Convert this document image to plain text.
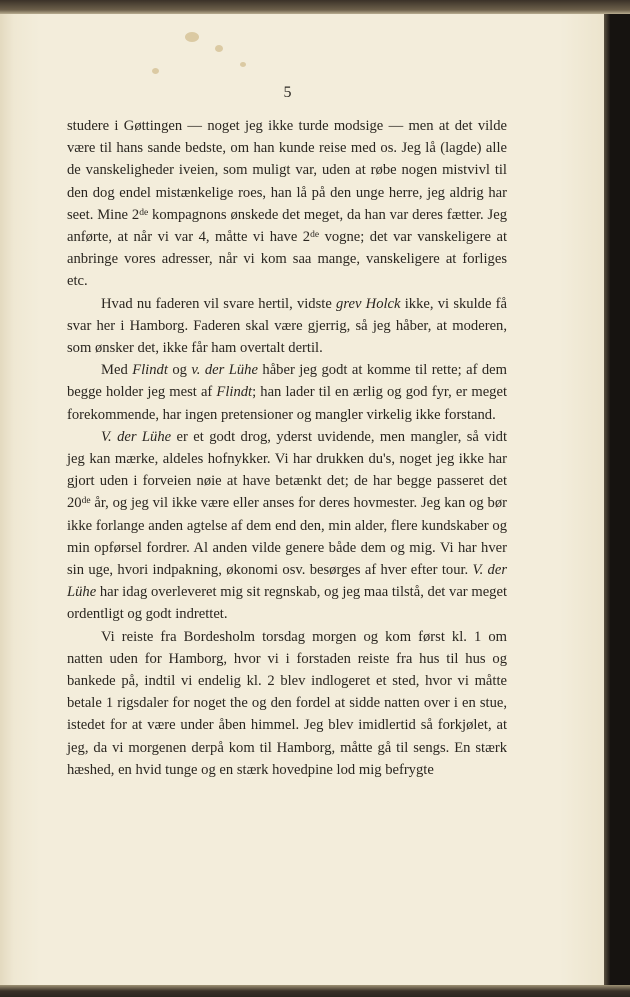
5

studere i Gøttingen — noget jeg ikke turde modsige — men at det vilde være til hans sande bedste, om han kunde reise med os. Jeg lå (lagde) alle de vanskeligheder iveien, som muligt var, uden at røbe nogen mistvivl til den dog endel mistænkelige roes, han lå på den unge herre, jeg aldrig har seet. Mine 2de kompagnons ønskede det meget, da han var deres fætter. Jeg anførte, at når vi var 4, måtte vi have 2de vogne; det var vanskeligere at anbringe vores adresser, når vi kom saa mange, vanskeligere at forliges etc.

Hvad nu faderen vil svare hertil, vidste grev Holck ikke, vi skulde få svar her i Hamborg. Faderen skal være gjerrig, så jeg håber, at moderen, som ønsker det, ikke får ham overtalt dertil.

Med Flindt og v. der Lühe håber jeg godt at komme til rette; af dem begge holder jeg mest af Flindt; han lader til en ærlig og god fyr, er meget forekommende, har ingen pretensioner og mangler virkelig ikke forstand.

V. der Lühe er et godt drog, yderst uvidende, men mangler, så vidt jeg kan mærke, aldeles hofnykker. Vi har drukken du's, noget jeg ikke har gjort uden i forveien nøie at have betænkt det; de har begge passeret det 20de år, og jeg vil ikke være eller anses for deres hovmester. Jeg kan og bør ikke forlange anden agtelse af dem end den, min alder, flere kundskaber og min opførsel fordrer. Al anden vilde genere både dem og mig. Vi har hver sin uge, hvori indpakning, økonomi osv. besørges af hver efter tour. V. der Lühe har idag overleveret mig sit regnskab, og jeg maa tilstå, det var meget ordentligt og godt indrettet.

Vi reiste fra Bordesholm torsdag morgen og kom først kl. 1 om natten uden for Hamborg, hvor vi i forstaden reiste fra hus til hus og bankede på, indtil vi endelig kl. 2 blev indlogeret et sted, hvor vi måtte betale 1 rigsdaler for noget the og den fordel at sidde natten over i en stue, istedet for at være under åben himmel. Jeg blev imidlertid så forkjølet, at jeg, da vi morgenen derpå kom til Hamborg, måtte gå til sengs. En stærk hæshed, en hvid tunge og en stærk hovedpine lod mig befrygte
